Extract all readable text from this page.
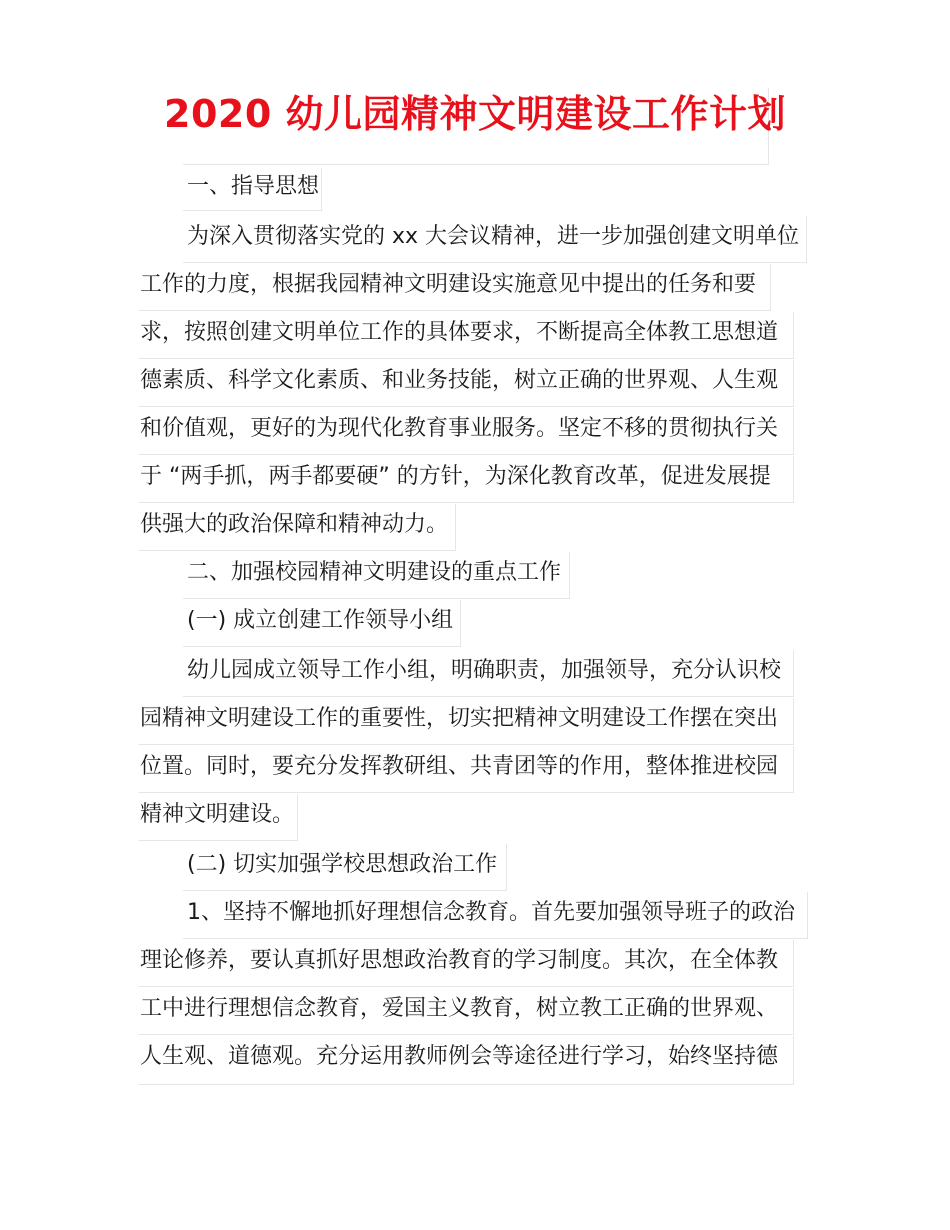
2020 幼儿园精神文明建设工作计划
一、指导思想
为深入贯彻落实党的 xx 大会议精神，进一步加强创建文明单位
工作的力度，根据我园精神文明建设实施意见中提出的任务和要
求，按照创建文明单位工作的具体要求，不断提高全体教工思想道
德素质、科学文化素质、和业务技能，树立正确的世界观、人生观
和价值观，更好的为现代化教育事业服务。坚定不移的贯彻执行关
于 “两手抓，两手都要硬” 的方针，为深化教育改革，促进发展提
供强大的政治保障和精神动力。
二、加强校园精神文明建设的重点工作
(一) 成立创建工作领导小组
幼儿园成立领导工作小组，明确职责，加强领导，充分认识校
园精神文明建设工作的重要性，切实把精神文明建设工作摆在突出
位置。同时，要充分发挥教研组、共青团等的作用，整体推进校园
精神文明建设。
(二) 切实加强学校思想政治工作
1、坚持不懈地抓好理想信念教育。首先要加强领导班子的政治
理论修养，要认真抓好思想政治教育的学习制度。其次，在全体教
工中进行理想信念教育，爱国主义教育，树立教工正确的世界观、
人生观、道德观。充分运用教师例会等途径进行学习，始终坚持德
